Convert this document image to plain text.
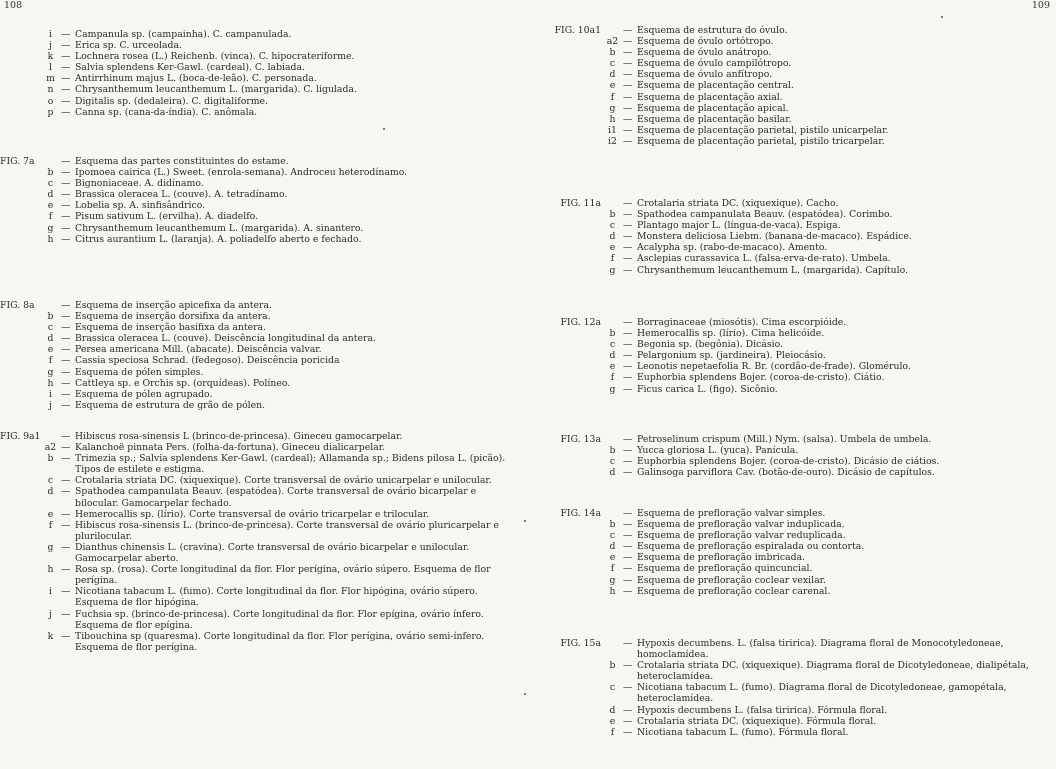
108
i — Campanula sp. (campainha). C. campanulada.
j — Erica sp. C. urceolada.
k — Lochnera rosea (L.) Reichenb. (vinca). C. hipocrateriforme.
l — Salvia splendens Ker-Gawl. (cardeal). C. labiada.
m — Antirrhinum majus L. (boca-de-leão). C. personada.
n — Chrysanthemum leucanthemum L. (margarida). C. ligulada.
o — Digitalis sp. (dedaleira). C. digitaliforme.
p — Canna sp. (cana-da-índia). C. anômala.
FIG. 7a	— Esquema das partes constituintes do estame.
b — Ipomoea cairica (L.) Sweet. (enrola-semana). Androceu heterodínamo.
c — Bignoniaceae. A. didínamo.
d — Brassica oleracea L. (couve). A. tetradínamo.
e — Lobelia sp. A. sinfisândrico.
f — Pisum sativum L. (ervilha). A. diadelfo.
g — Chrysanthemum leucanthemum L. (margarida). A. sinantero.
h — Citrus aurantium L. (laranja). A. poliadelfo aberto e fechado.
FIG. 8a	— Esquema de inserção apicefixa da antera.
b — Esquema de inserção dorsifixa da antera.
c — Esquema de inserção basifixa da antera.
d — Brassica oleracea L. (couve). Deiscência longitudinal da antera.
e — Persea americana Mill. (abacate). Deiscência valvar.
f — Cassia speciosa Schrad. (fedegoso). Deiscência poricida
g — Esquema de pólen simples.
h — Cattleya sp. e Orchis sp. (orquídeas). Políneo.
i — Esquema de pólen agrupado.
j — Esquema de estrutura de grão de pólen.
FIG. 9a1 — Hibiscus rosa-sinensis L (brinco-de-princesa). Gineceu gamocarpelar.
a2 — Kalanchoë pinnata Pers. (folha-da-fortuna). Gineceu dialicarpelar.
b — Trimezia sp.; Salvia splendens Ker-Gawl. (cardeal); Allamanda sp.; Bidens pilosa L. (picão). Tipos de estilete e estigma.
c — Crotalaria striata DC. (xiquexique). Corte transversal de ovário unicarpelar e unilocular.
d — Spathodea campanulata Beauv. (espatódea). Corte transversal de ovário bicarpelar e bilocular. Gamocarpelar fechado.
e — Hemerocallis sp. (lírio). Corte transversal de ovário tricarpelar e trilocular.
f — Hibiscus rosa-sinensis L. (brinco-de-princesa). Corte transversal de ovário pluricarpelar e plurilocular.
g — Dianthus chinensis L. (cravina). Corte transversal de ovário bicarpelar e unilocular. Gamocarpelar aberto.
h — Rosa sp. (rosa). Corte longitudinal da flor. Flor perígina, ovário súpero. Esquema de flor perígina.
i — Nicotiana tabacum L. (fumo). Corte longitudinal da flor. Flor hipógina, ovário súpero. Esquema de flor hipógina.
j — Fuchsia sp. (brinco-de-princesa). Corte longitudinal da flor. Flor epígina, ovário ínfero. Esquema de flor epígina.
k — Tibouchina sp (quaresma). Corte longitudinal da flor. Flor perígina, ovário semi-ínfero. Esquema de flor perígina.
109
FIG. 10a1 — Esquema de estrutura do óvulo.
a2 — Esquema de óvulo ortótropo.
b — Esquema de óvulo anátropo.
c — Esquema de óvulo campilótropo.
d — Esquema de óvulo anfítropo.
e — Esquema de placentação central.
f — Esquema de placentação axial.
g — Esquema de placentação apical.
h — Esquema de placentação basilar.
i1 — Esquema de placentação parietal, pistilo unicarpelar.
i2 — Esquema de placentação parietal, pistilo tricarpelar.
FIG. 11a — Crotalaria striata DC. (xiquexique). Cacho.
b — Spathodea campanulata Beauv. (espatódea). Corimbo.
c — Plantago major L. (língua-de-vaca). Espiga.
d — Monstera deliciosa Liebm. (banana-de-macaco). Espádice.
e — Acalypha sp. (rabo-de-macaco). Amento.
f — Asclepias curassavica L. (falsa-erva-de-rato). Umbela.
g — Chrysanthemum leucanthemum L. (margarida). Capítulo.
FIG. 12a — Borraginaceae (miosótis). Cima escorpióide.
b — Hemerocallis sp. (lírio). Cima helicóide.
c — Begonia sp. (begônia). Dicásio.
d — Pelargonium sp. (jardineira). Pleiocásio.
e — Leonotis nepetaefolia R. Br. (cordão-de-frade). Glomérulo.
f — Euphorbia splendens Bojer. (coroa-de-cristo). Ciátio.
g — Ficus carica L. (figo). Sicônio.
FIG. 13a — Petroselinum crispum (Mill.) Nym. (salsa). Umbela de umbela.
b — Yucca gloriosa L. (yuca). Panícula.
c — Euphorbia splendens Bojer. (coroa-de-cristo). Dicásio de ciátios.
d — Galinsoga parviflora Cav. (botão-de-ouro). Dicásio de capítulos.
FIG. 14a — Esquema de prefloração valvar simples.
b — Esquema de prefloração valvar induplicada.
c — Esquema de prefloração valvar reduplicada.
d — Esquema de prefloração espiralada ou contorta.
e — Esquema de prefloração imbricada.
f — Esquema de prefloração quincuncial.
g — Esquema de prefloração coclear vexilar.
h — Esquema de prefloração coclear carenal.
FIG. 15a — Hypoxis decumbens. L. (falsa tiririca). Diagrama floral de Monocotyledoneae, homoclamídea.
b — Crotalaria striata DC. (xiquexique). Diagrama floral de Dicotyledoneae, dialipétala, heteroclamídea.
c — Nicotiana tabacum L. (fumo). Diagrama floral de Dicotyledoneae, gamopétala, heteroclamídea.
d — Hypoxis decumbens L. (falsa tiririca). Fórmula floral.
e — Crotalaria striata DC. (xiquexique). Fórmula floral.
f — Nicotiana tabacum L. (fumo). Fórmula floral.
